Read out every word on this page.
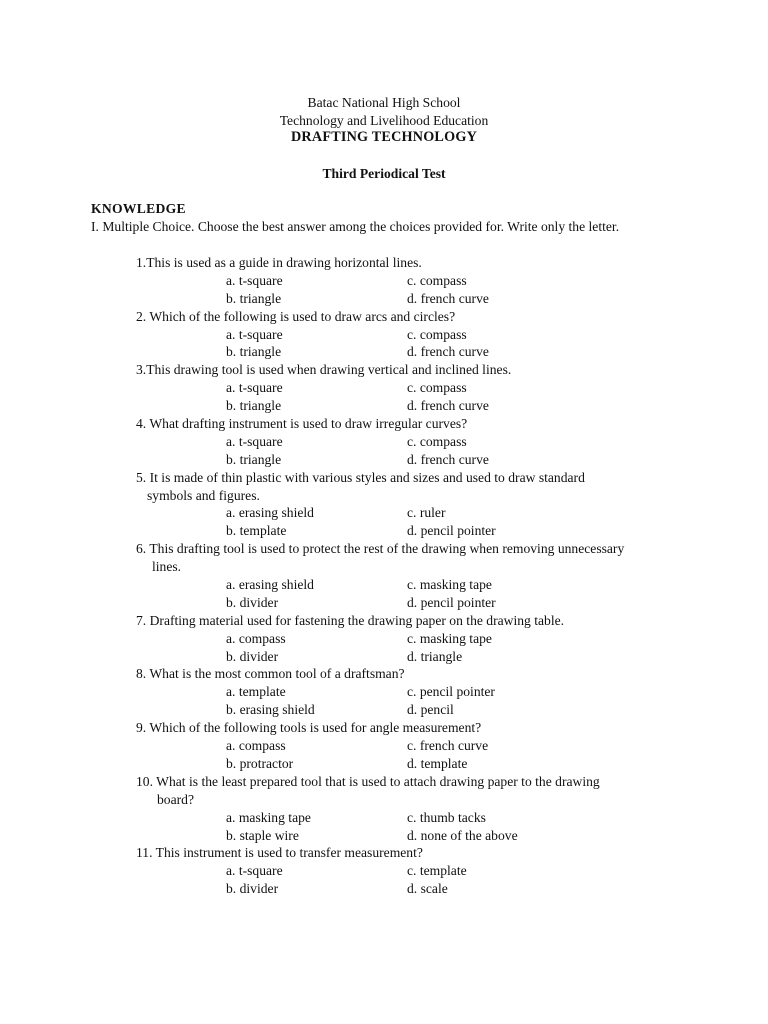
Batac National High School
Technology and Livelihood Education
DRAFTING TECHNOLOGY
Third Periodical Test
KNOWLEDGE
I. Multiple Choice. Choose the best answer among the choices provided for. Write only the letter.
1.This is used as a guide in drawing horizontal lines.
a. t-square	c. compass
b. triangle	d. french curve
2. Which of the following is used to draw arcs and circles?
a. t-square	c. compass
b. triangle	d. french curve
3.This drawing tool is used when drawing vertical and inclined lines.
a. t-square	c. compass
b. triangle	d. french curve
4. What drafting instrument is used to draw irregular curves?
a. t-square	c. compass
b. triangle	d. french curve
5. It is made of thin plastic with various styles and sizes and used to draw standard
symbols and figures.
a. erasing shield	c. ruler
b. template	d. pencil pointer
6. This drafting tool is used to protect the rest of the drawing when removing unnecessary
lines.
a. erasing shield	c. masking tape
b. divider	d. pencil pointer
7. Drafting material used for fastening the drawing paper on the drawing table.
a. compass	c. masking tape
b. divider	d. triangle
8. What is the most common tool of a draftsman?
a. template	c. pencil pointer
b. erasing shield	d. pencil
9. Which of the following tools is used for angle measurement?
a. compass	c. french curve
b. protractor	d. template
10. What is the least prepared tool that is used to attach drawing paper to the drawing
board?
a. masking tape	c. thumb tacks
b. staple wire	d. none of the above
11. This instrument is used to transfer measurement?
a. t-square	c. template
b. divider	d. scale
